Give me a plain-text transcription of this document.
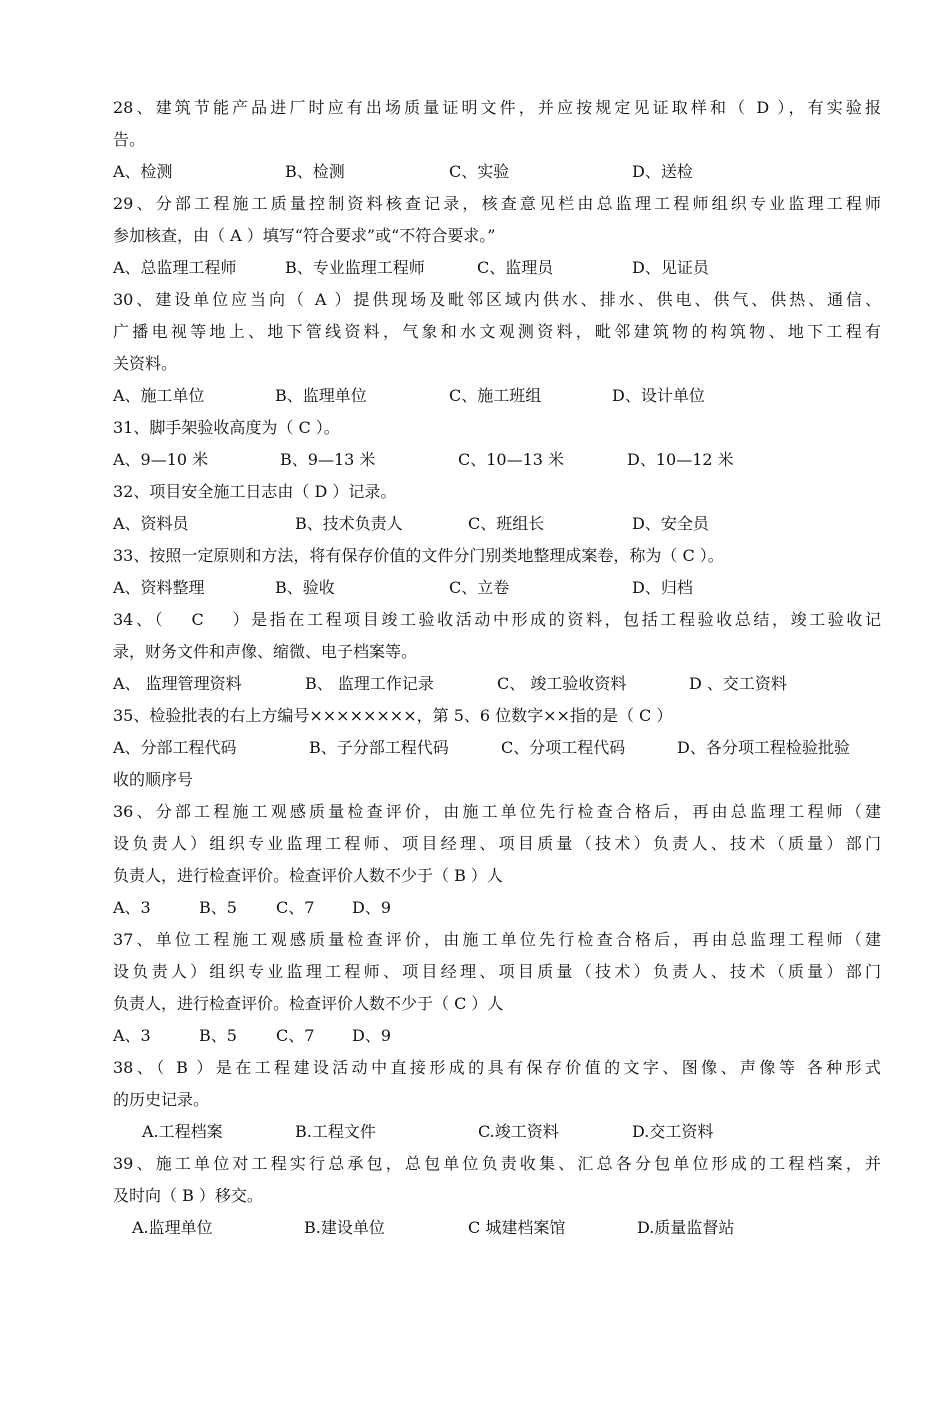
28、建筑节能产品进厂时应有出场质量证明文件，并应按规定见证取样和（ D ），有实验报
告。

A、检测

	B、检测

	C、实验

	D、送检

29、分部工程施工质量控制资料核查记录，核查意见栏由总监理工程师组织专业监理工程师
参加核查，由（ A ）填写“符合要求”或“不符合要求。”

A、总监理工程师

	B、专业监理工程师

	C、监理员

	D、见证员

30、建设单位应当向（ A ）提供现场及毗邻区域内供水、排水、供电、供气、供热、通信、
广播电视等地上、地下管线资料，气象和水文观测资料，毗邻建筑物的构筑物、地下工程有
关资料。

A、施工单位

	B、监理单位

	C、施工班组

	D、设计单位

31、脚手架验收高度为（ C ）。

A、9—10 米

	B、9—13 米

	C、10—13 米

	D、10—12 米

32、项目安全施工日志由（ D ）记录。

A、资料员

	B、技术负责人

	C、班组长

	D、安全员

33、按照一定原则和方法，将有保存价值的文件分门别类地整理成案卷，称为（ C ）。

A、资料整理

	B、验收

	C、立卷

	D、归档

34、（　 C　 ）是指在工程项目竣工验收活动中形成的资料，包括工程验收总结，竣工验收记
录，财务文件和声像、缩微、电子档案等。

A、 监理管理资料

	B、 监理工作记录

	C、 竣工验收资料

	D 、交工资料

35、检验批表的右上方编号××××××××，第 5、6 位数字××指的是（ C ）

A、分部工程代码

	B、子分部工程代码

	C、分项工程代码

	D、各分项工程检验批验

收的顺序号
36、分部工程施工观感质量检查评价，由施工单位先行检查合格后，再由总监理工程师（建
设负责人）组织专业监理工程师、项目经理、项目质量（技术）负责人、技术（质量）部门
负责人，进行检查评价。检查评价人数不少于（ B ）人

A、3

	B、5

C、7

D、9

37、单位工程施工观感质量检查评价，由施工单位先行检查合格后，再由总监理工程师（建
设负责人）组织专业监理工程师、项目经理、项目质量（技术）负责人、技术（质量）部门
负责人，进行检查评价。检查评价人数不少于（ C ）人

A、3

	B、5

C、7

D、9

38、（ B ）是在工程建设活动中直接形成的具有保存价值的文字、图像、声像等 各种形式
的历史记录。

A.工程档案

	B.工程文件

	C.竣工资料

	D.交工资料

39、施工单位对工程实行总承包，总包单位负责收集、汇总各分包单位形成的工程档案，并
及时向（ B ）移交。

A.监理单位

	B.建设单位

	C 城建档案馆

	D.质量监督站
